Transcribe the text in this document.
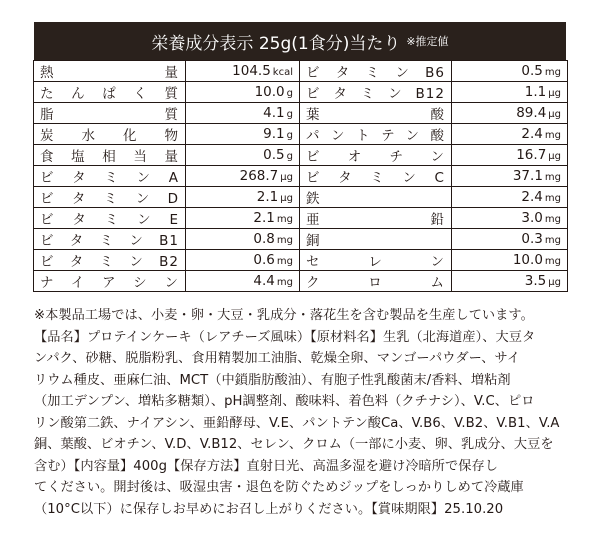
栄養成分表示 25g(1食分)当たり ※推定値
熱量	104.5 kcal	ビタミンB6	0.5 mg
たんぱく質	10.0 g	ビタミンB12	1.1 μg
脂質	4.1 g	葉酸	89.4 μg
炭水化物	9.1 g	パントテン酸	2.4 mg
食塩相当量	0.5 g	ビオチン	16.7 μg
ビタミンA	268.7 μg	ビタミンC	37.1 mg
ビタミンD	2.1 μg	鉄	2.4 mg
ビタミンE	2.1 mg	亜鉛	3.0 mg
ビタミンB1	0.8 mg	銅	0.3 mg
ビタミンB2	0.6 mg	セレン	10.0 mg
ナイアシン	4.4 mg	クロム	3.5 μg

※本製品工場では、小麦・卵・大豆・乳成分・落花生を含む製品を生産しています。

【品名】プロテインケーキ（レアチーズ風味）【原材料名】生乳（北海道産）、大豆タ

ンパク、砂糖、脱脂粉乳、食用精製加工油脂、乾燥全卵、マンゴーパウダー、サイ

リウム種皮、亜麻仁油、MCT（中鎖脂肪酸油）、有胞子性乳酸菌末/香料、増粘剤

（加工デンプン、増粘多糖類）、pH調整剤、酸味料、着色料（クチナシ）、V.C、ピロ

リン酸第二鉄、ナイアシン、亜鉛酵母、V.E、パントテン酸Ca、V.B6、V.B2、V.B1、V.A

銅、葉酸、ビオチン、V.D、V.B12、セレン、クロム（一部に小麦、卵、乳成分、大豆を

含む）【内容量】400g【保存方法】直射日光、高温多湿を避け冷暗所で保存し

てください。開封後は、吸湿虫害・退色を防ぐためジップをしっかりしめて冷蔵庫

（10°C以下）に保存しお早めにお召し上がりください。【賞味期限】25.10.20
